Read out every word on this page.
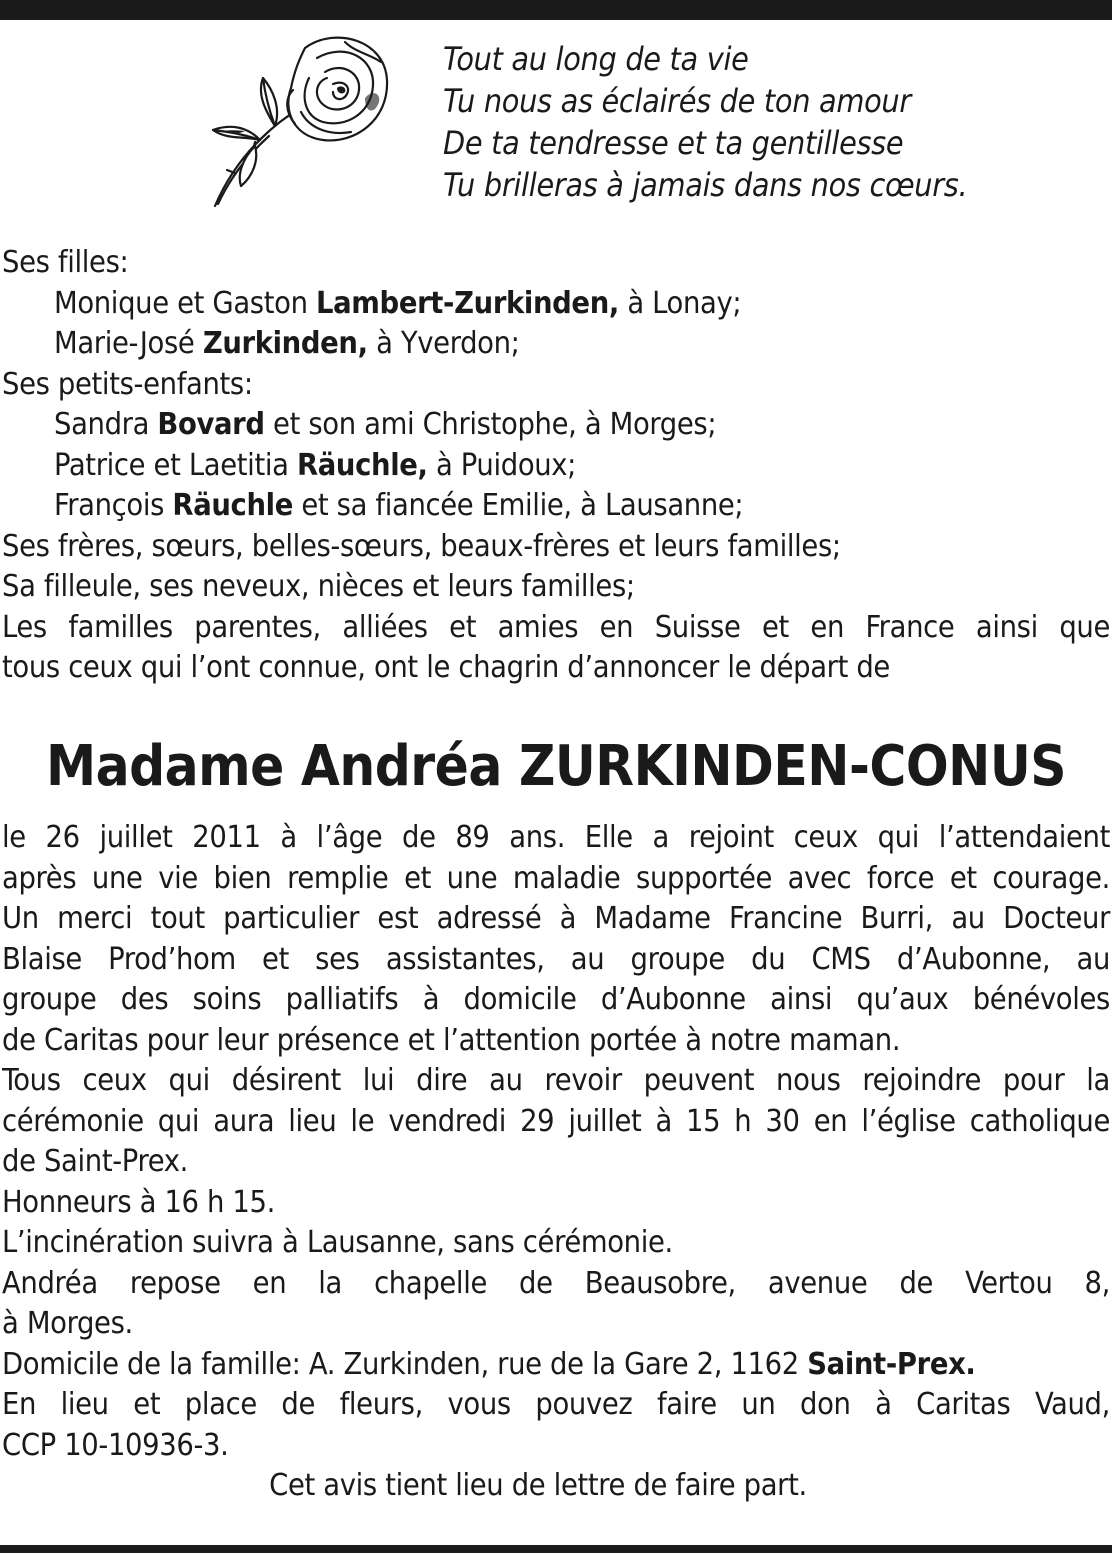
Tout au long de ta vie
Tu nous as éclairés de ton amour
De ta tendresse et ta gentillesse
Tu brilleras à jamais dans nos cœurs.
Ses filles:
Monique et Gaston Lambert-Zurkinden, à Lonay;
Marie-José Zurkinden, à Yverdon;
Ses petits-enfants:
Sandra Bovard et son ami Christophe, à Morges;
Patrice et Laetitia Räuchle, à Puidoux;
François Räuchle et sa fiancée Emilie, à Lausanne;
Ses frères, sœurs, belles-sœurs, beaux-frères et leurs familles;
Sa filleule, ses neveux, nièces et leurs familles;
Les familles parentes, alliées et amies en Suisse et en France ainsi que
tous ceux qui l’ont connue, ont le chagrin d’annoncer le départ de
Madame Andréa ZURKINDEN-CONUS
le 26 juillet 2011 à l’âge de 89 ans. Elle a rejoint ceux qui l’attendaient
après une vie bien remplie et une maladie supportée avec force et courage.
Un merci tout particulier est adressé à Madame Francine Burri, au Docteur
Blaise Prod’hom et ses assistantes, au groupe du CMS d’Aubonne, au
groupe des soins palliatifs à domicile d’Aubonne ainsi qu’aux bénévoles
de Caritas pour leur présence et l’attention portée à notre maman.
Tous ceux qui désirent lui dire au revoir peuvent nous rejoindre pour la
cérémonie qui aura lieu le vendredi 29 juillet à 15 h 30 en l’église catholique
de Saint-Prex.
Honneurs à 16 h 15.
L’incinération suivra à Lausanne, sans cérémonie.
Andréa repose en la chapelle de Beausobre, avenue de Vertou 8,
à Morges.
Domicile de la famille: A. Zurkinden, rue de la Gare 2, 1162 Saint-Prex.
En lieu et place de fleurs, vous pouvez faire un don à Caritas Vaud,
CCP 10-10936-3.
Cet avis tient lieu de lettre de faire part.
